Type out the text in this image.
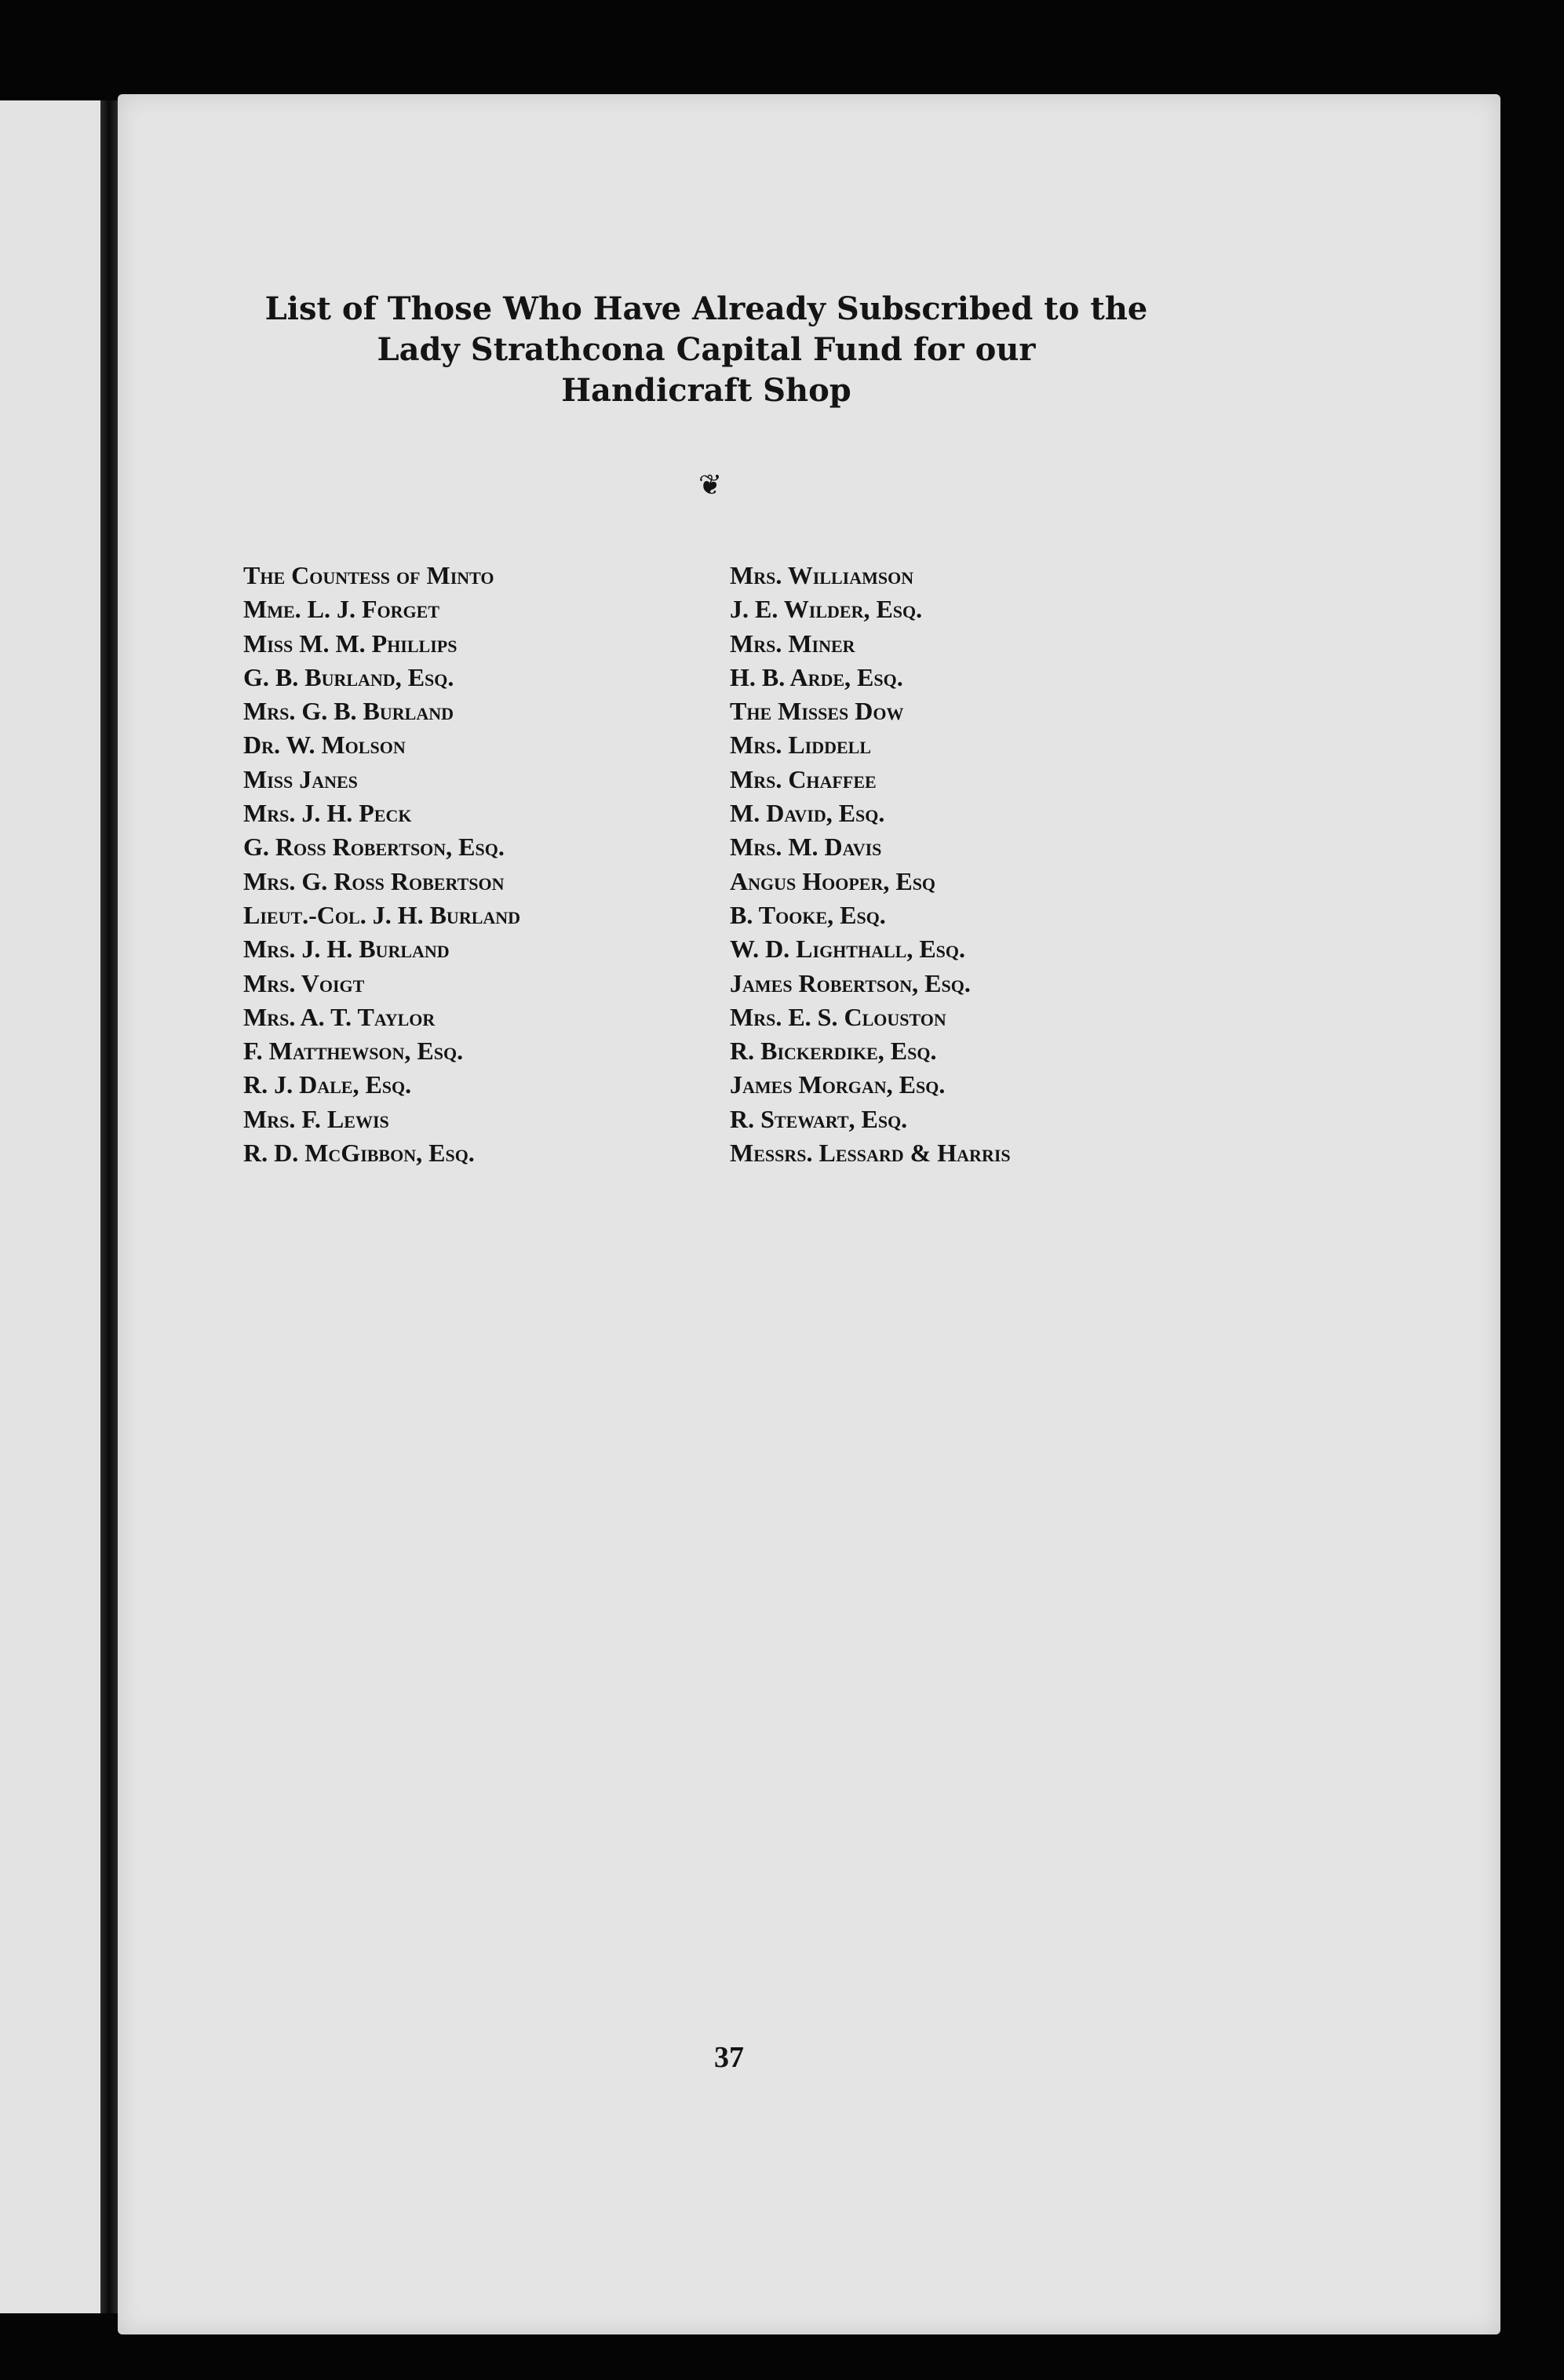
List of Those Who Have Already Subscribed to the
Lady Strathcona Capital Fund for our
Handicraft Shop
❦
The Countess of Minto
Mme. L. J. Forget
Miss M. M. Phillips
G. B. Burland, Esq.
Mrs. G. B. Burland
Dr. W. Molson
Miss Janes
Mrs. J. H. Peck
G. Ross Robertson, Esq.
Mrs. G. Ross Robertson
Lieut.-Col. J. H. Burland
Mrs. J. H. Burland
Mrs. Voigt
Mrs. A. T. Taylor
F. Matthewson, Esq.
R. J. Dale, Esq.
Mrs. F. Lewis
R. D. McGibbon, Esq.
Mrs. Williamson
J. E. Wilder, Esq.
Mrs. Miner
H. B. Arde, Esq.
The Misses Dow
Mrs. Liddell
Mrs. Chaffee
M. David, Esq.
Mrs. M. Davis
Angus Hooper, Esq
B. Tooke, Esq.
W. D. Lighthall, Esq.
James Robertson, Esq.
Mrs. E. S. Clouston
R. Bickerdike, Esq.
James Morgan, Esq.
R. Stewart, Esq.
Messrs. Lessard & Harris
37
